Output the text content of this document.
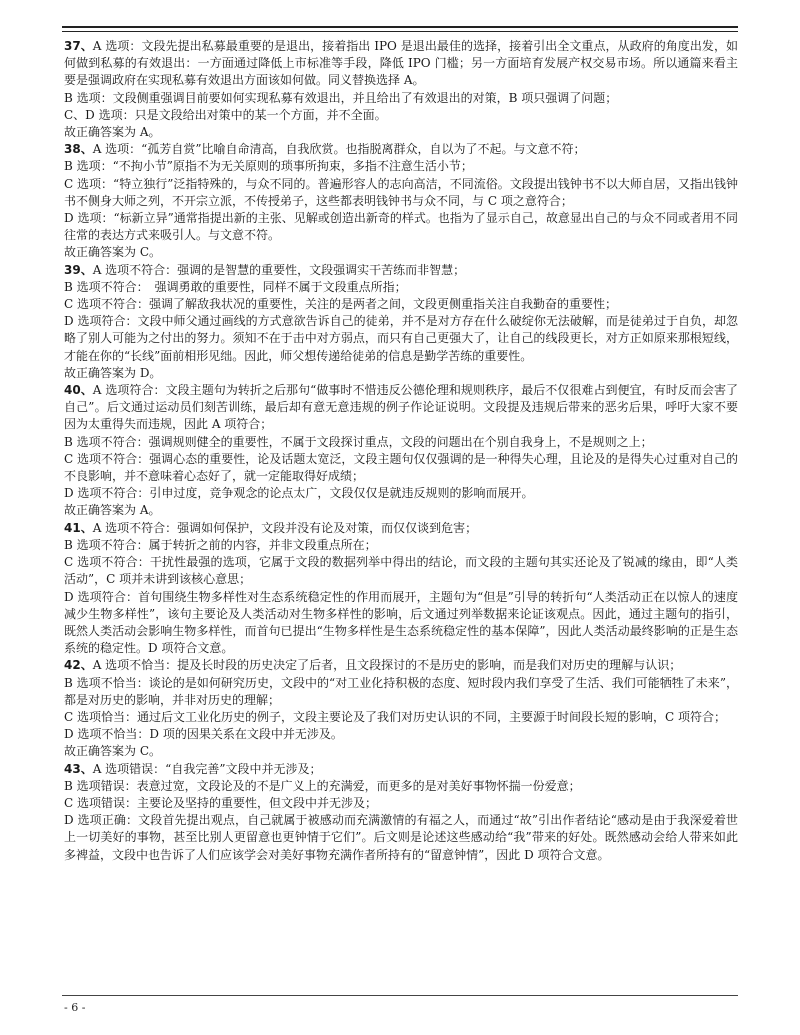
37、A 选项：文段先提出私募最重要的是退出，接着指出 IPO 是退出最佳的选择，接着引出全文重点，从政府的角度出发，如何做到私募的有效退出：一方面通过降低上市标准等手段，降低 IPO 门槛；另一方面培育发展产权交易市场。所以通篇来看主要是强调政府在实现私募有效退出方面该如何做。同义替换选择 A。

B 选项：文段侧重强调目前要如何实现私募有效退出，并且给出了有效退出的对策，B 项只强调了问题；

C、D 选项：只是文段给出对策中的某一个方面，并不全面。

故正确答案为 A。

38、A 选项：“孤芳自赏”比喻自命清高，自我欣赏。也指脱离群众，自以为了不起。与文意不符；

B 选项：“不拘小节”原指不为无关原则的琐事所拘束，多指不注意生活小节；

C 选项：“特立独行”泛指特殊的，与众不同的。普遍形容人的志向高洁，不同流俗。文段提出钱钟书不以大师自居，又指出钱钟书不侧身大师之列，不开宗立派，不传授弟子，这些都表明钱钟书与众不同，与 C 项之意符合；

D 选项：“标新立异”通常指提出新的主张、见解或创造出新奇的样式。也指为了显示自己，故意显出自己的与众不同或者用不同往常的表达方式来吸引人。与文意不符。

故正确答案为 C。

39、A 选项不符合：强调的是智慧的重要性，文段强调实干苦练而非智慧；

B 选项不符合：　强调勇敢的重要性，同样不属于文段重点所指；

C 选项不符合：强调了解敌我状况的重要性，关注的是两者之间，文段更侧重指关注自我勤奋的重要性；

D 选项符合：文段中师父通过画线的方式意欲告诉自己的徒弟，并不是对方存在什么破绽你无法破解，而是徒弟过于自负，却忽略了别人可能为之付出的努力。须知不在于击中对方弱点，而只有自己更强大了，让自己的线段更长，对方正如原来那根短线，才能在你的“长线”面前相形见绌。因此，师父想传递给徒弟的信息是勤学苦练的重要性。

故正确答案为 D。

40、A 选项符合：文段主题句为转折之后那句“做事时不惜违反公德伦理和规则秩序，最后不仅很难占到便宜，有时反而会害了自己”。后文通过运动员们刻苦训练，最后却有意无意违规的例子作论证说明。文段提及违规后带来的恶劣后果，呼吁大家不要因为太重得失而违规，因此 A 项符合；

B 选项不符合：强调规则健全的重要性，不属于文段探讨重点，文段的问题出在个别自我身上，不是规则之上；

C 选项不符合：强调心态的重要性，论及话题太宽泛，文段主题句仅仅强调的是一种得失心理，且论及的是得失心过重对自己的不良影响，并不意味着心态好了，就一定能取得好成绩；

D 选项不符合：引申过度，竞争观念的论点太广，文段仅仅是就违反规则的影响而展开。

故正确答案为 A。

41、A 选项不符合：强调如何保护，文段并没有论及对策，而仅仅谈到危害；

B 选项不符合：属于转折之前的内容，并非文段重点所在；

C 选项不符合：干扰性最强的选项，它属于文段的数据列举中得出的结论，而文段的主题句其实还论及了锐减的缘由，即“人类活动”，C 项并未讲到该核心意思；

D 选项符合：首句围绕生物多样性对生态系统稳定性的作用而展开，主题句为“但是”引导的转折句“人类活动正在以惊人的速度减少生物多样性”，该句主要论及人类活动对生物多样性的影响，后文通过列举数据来论证该观点。因此，通过主题句的指引，既然人类活动会影响生物多样性，而首句已提出“生物多样性是生态系统稳定性的基本保障”，因此人类活动最终影响的正是生态系统的稳定性。D 项符合文意。

42、A 选项不恰当：提及长时段的历史决定了后者，且文段探讨的不是历史的影响，而是我们对历史的理解与认识；

B 选项不恰当：谈论的是如何研究历史，文段中的“对工业化持积极的态度、短时段内我们享受了生活、我们可能牺牲了未来”，都是对历史的影响，并非对历史的理解；

C 选项恰当：通过后文工业化历史的例子，文段主要论及了我们对历史认识的不同，主要源于时间段长短的影响，C 项符合；

D 选项不恰当：D 项的因果关系在文段中并无涉及。

故正确答案为 C。

43、A 选项错误：“自我完善”文段中并无涉及；

B 选项错误：表意过宽，文段论及的不是广义上的充满爱，而更多的是对美好事物怀揣一份爱意；

C 选项错误：主要论及坚持的重要性，但文段中并无涉及；

D 选项正确：文段首先提出观点，自己就属于被感动而充满激情的有福之人，而通过“故”引出作者结论“感动是由于我深爱着世上一切美好的事物，甚至比别人更留意也更钟情于它们”。后文则是论述这些感动给“我”带来的好处。既然感动会给人带来如此多裨益，文段中也告诉了人们应该学会对美好事物充满作者所持有的“留意钟情”，因此 D 项符合文意。

- 6 -
